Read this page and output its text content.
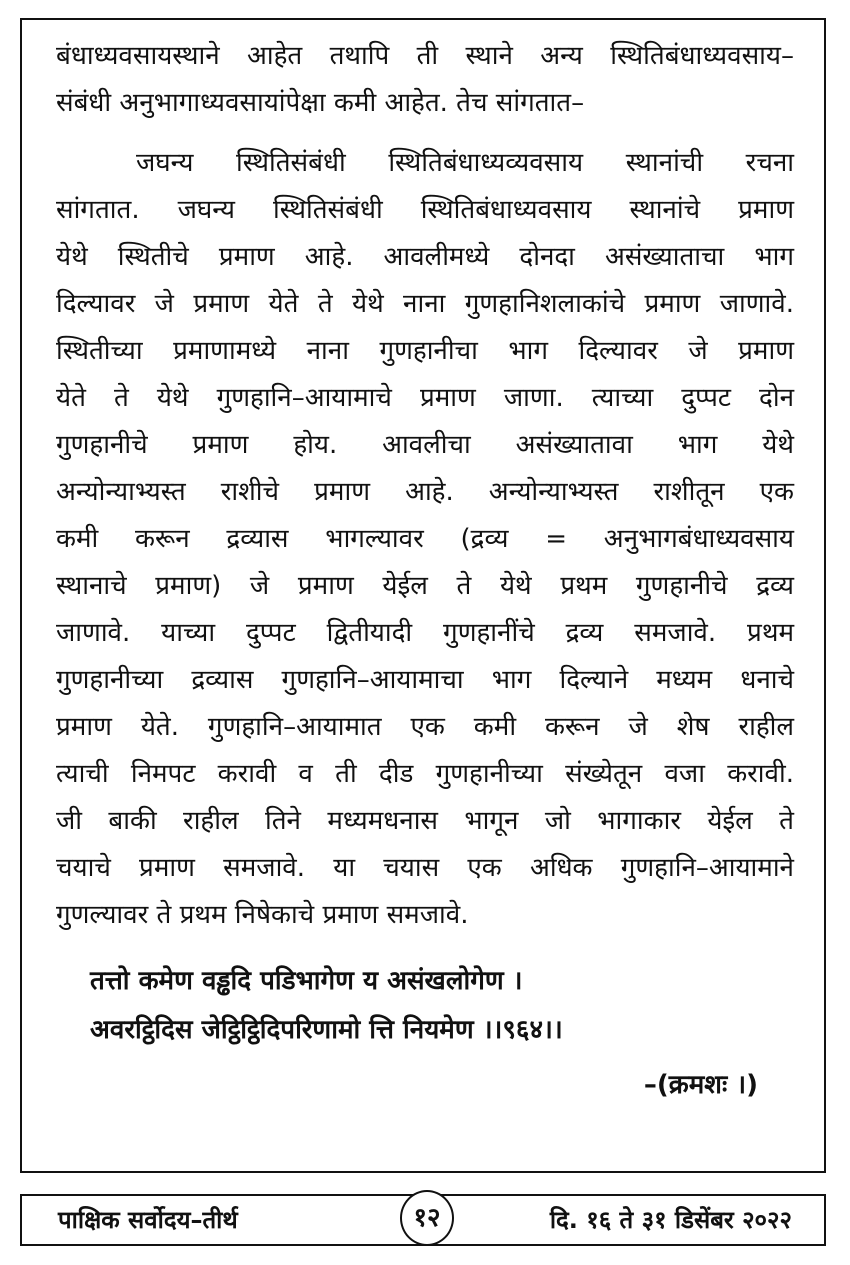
बंधाध्यवसायस्थाने आहेत तथापि ती स्थाने अन्य स्थितिबंधाध्यवसाय–
संबंधी अनुभागाध्यवसायांपेक्षा कमी आहेत. तेच सांगतात–
जघन्य स्थितिसंबंधी स्थितिबंधाध्यव्यवसाय स्थानांची रचना
सांगतात. जघन्य स्थितिसंबंधी स्थितिबंधाध्यवसाय स्थानांचे प्रमाण
येथे स्थितीचे प्रमाण आहे. आवलीमध्ये दोनदा असंख्याताचा भाग
दिल्यावर जे प्रमाण येते ते येथे नाना गुणहानिशलाकांचे प्रमाण जाणावे.
स्थितीच्या प्रमाणामध्ये नाना गुणहानीचा भाग दिल्यावर जे प्रमाण
येते ते येथे गुणहानि–आयामाचे प्रमाण जाणा. त्याच्या दुप्पट दोन
गुणहानीचे प्रमाण होय. आवलीचा असंख्यातावा भाग येथे
अन्योन्याभ्यस्त राशीचे प्रमाण आहे. अन्योन्याभ्यस्त राशीतून एक
कमी करून द्रव्यास भागल्यावर (द्रव्य = अनुभागबंधाध्यवसाय
स्थानाचे प्रमाण) जे प्रमाण येईल ते येथे प्रथम गुणहानीचे द्रव्य
जाणावे. याच्या दुप्पट द्वितीयादी गुणहानींचे द्रव्य समजावे. प्रथम
गुणहानीच्या द्रव्यास गुणहानि–आयामाचा भाग दिल्याने मध्यम धनाचे
प्रमाण येते. गुणहानि–आयामात एक कमी करून जे शेष राहील
त्याची निमपट करावी व ती दीड गुणहानीच्या संख्येतून वजा करावी.
जी बाकी राहील तिने मध्यमधनास भागून जो भागाकार येईल ते
चयाचे प्रमाण समजावे. या चयास एक अधिक गुणहानि–आयामाने
गुणल्यावर ते प्रथम निषेकाचे प्रमाण समजावे.
तत्तो कमेण वड्ढदि पडिभागेण य असंखलोगेण ।
अवरट्ठिदिस जेट्ठिट्ठिदिपरिणामो त्ति नियमेण ।।९६४।।
–(क्रमशः ।)
पाक्षिक सर्वोदय–तीर्थ	१२	दि. १६ ते ३१ डिसेंबर २०२२
